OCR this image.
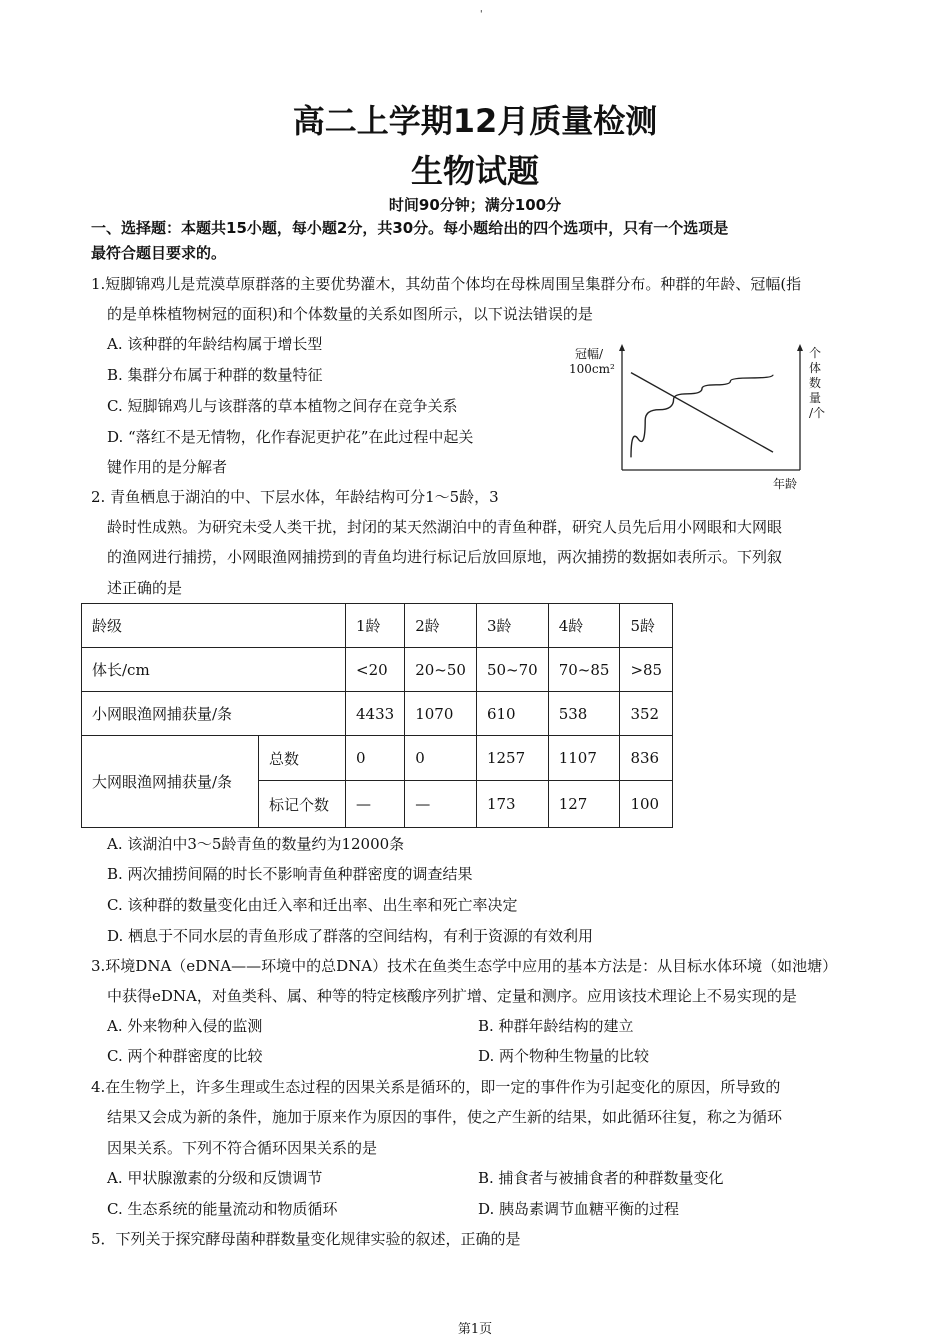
'
高二上学期12月质量检测
生物试题
时间90分钟；满分100分
一、选择题：本题共15小题，每小题2分，共30分。每小题给出的四个选项中，只有一个选项是
最符合题目要求的。
1.短脚锦鸡儿是荒漠草原群落的主要优势灌木，其幼苗个体均在母株周围呈集群分布。种群的年龄、冠幅(指
的是单株植物树冠的面积)和个体数量的关系如图所示，以下说法错误的是
A. 该种群的年龄结构属于增长型
B. 集群分布属于种群的数量特征
C. 短脚锦鸡儿与该群落的草本植物之间存在竞争关系
D. “落红不是无情物，化作春泥更护花”在此过程中起关
键作用的是分解者
冠幅/
100cm²
个
体
数
量
/个
年龄
2. 青鱼栖息于湖泊的中、下层水体，年龄结构可分1～5龄，3
龄时性成熟。为研究未受人类干扰，封闭的某天然湖泊中的青鱼种群，研究人员先后用小网眼和大网眼
的渔网进行捕捞，小网眼渔网捕捞到的青鱼均进行标记后放回原地，两次捕捞的数据如表所示。下列叙
述正确的是
龄级		1龄	2龄	3龄	4龄	5龄
体长/cm		<20	20~50	50~70	70~85	>85
小网眼渔网捕获量/条		4433	1070	610	538	352
大网眼渔网捕获量/条	总数	0	0	1257	1107	836
	标记个数	—	—	173	127	100
A. 该湖泊中3～5龄青鱼的数量约为12000条
B. 两次捕捞间隔的时长不影响青鱼种群密度的调查结果
C. 该种群的数量变化由迁入率和迁出率、出生率和死亡率决定
D. 栖息于不同水层的青鱼形成了群落的空间结构，有利于资源的有效利用
3.环境DNA（eDNA——环境中的总DNA）技术在鱼类生态学中应用的基本方法是：从目标水体环境（如池塘）
中获得eDNA，对鱼类科、属、种等的特定核酸序列扩增、定量和测序。应用该技术理论上不易实现的是
A. 外来物种入侵的监测	B. 种群年龄结构的建立
C. 两个种群密度的比较	D. 两个物种生物量的比较
4.在生物学上，许多生理或生态过程的因果关系是循环的，即一定的事件作为引起变化的原因，所导致的
结果又会成为新的条件，施加于原来作为原因的事件，使之产生新的结果，如此循环往复，称之为循环
因果关系。下列不符合循环因果关系的是
A. 甲状腺激素的分级和反馈调节	B. 捕食者与被捕食者的种群数量变化
C. 生态系统的能量流动和物质循环	D. 胰岛素调节血糖平衡的过程
5．下列关于探究酵母菌种群数量变化规律实验的叙述，正确的是
第1页
